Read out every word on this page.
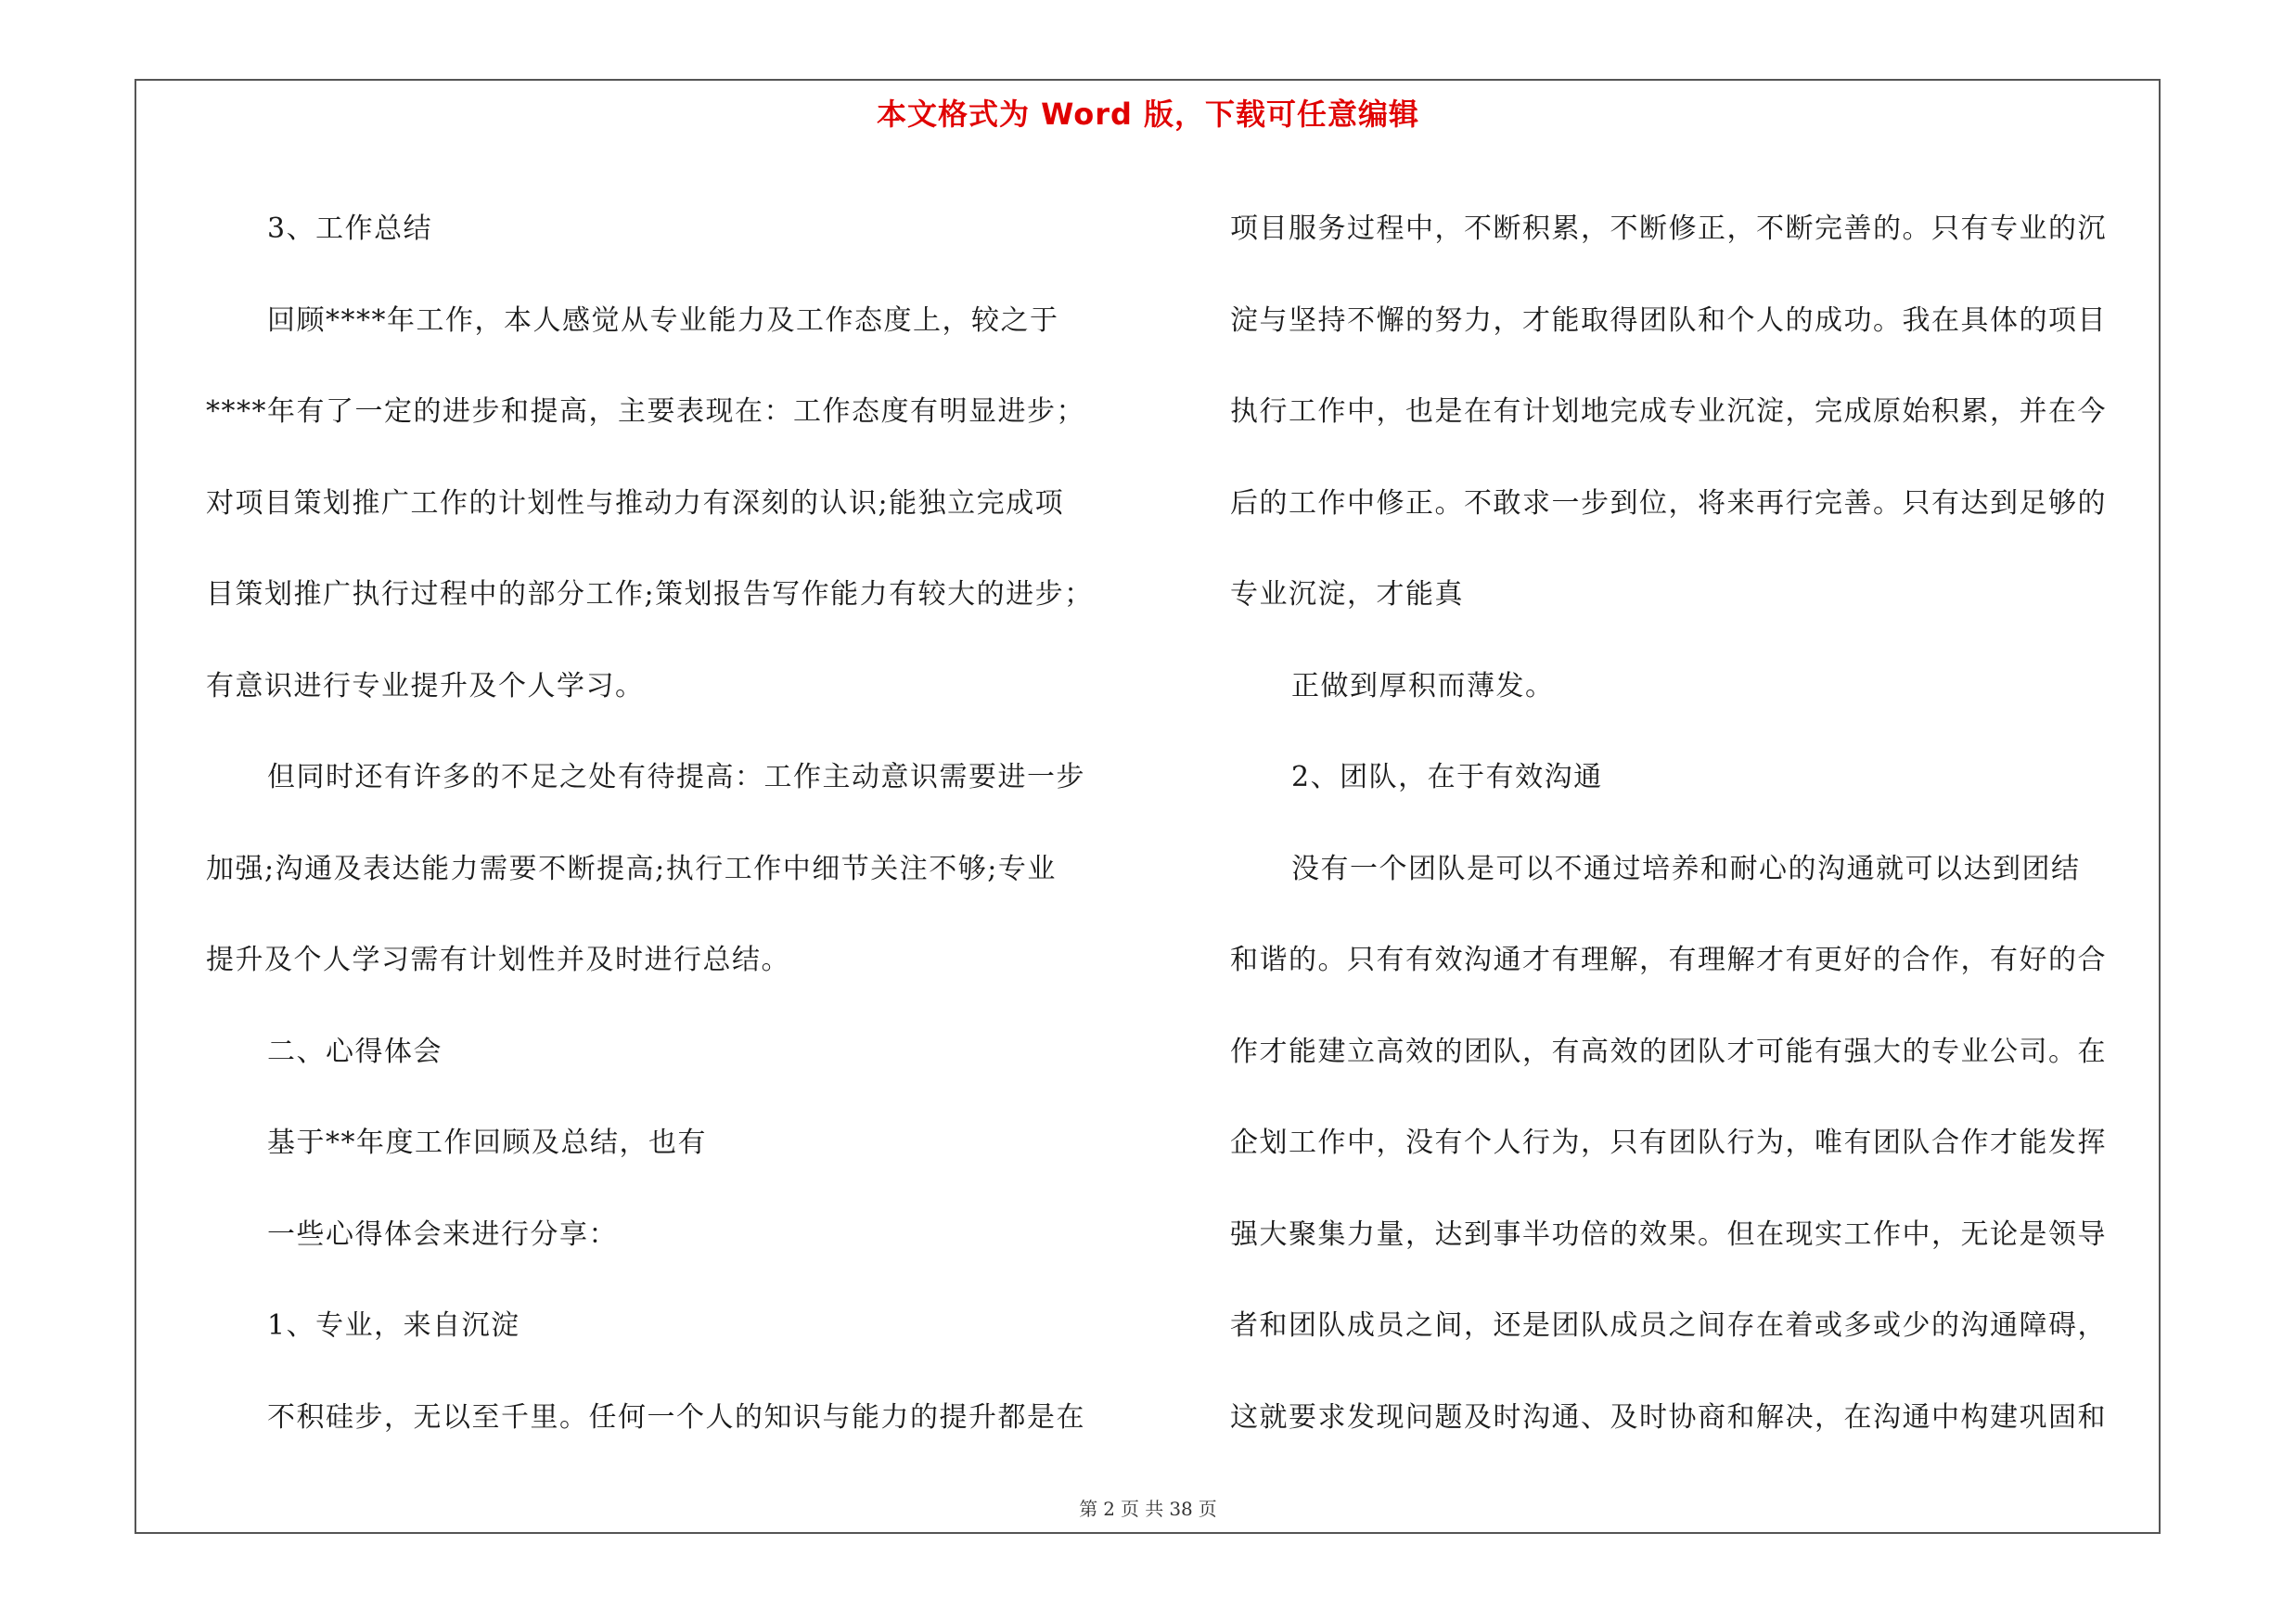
本文格式为 Word 版，下载可任意编辑
3、工作总结
回顾****年工作，本人感觉从专业能力及工作态度上，较之于
****年有了一定的进步和提高，主要表现在：工作态度有明显进步；
对项目策划推广工作的计划性与推动力有深刻的认识;能独立完成项
目策划推广执行过程中的部分工作;策划报告写作能力有较大的进步；
有意识进行专业提升及个人学习。
但同时还有许多的不足之处有待提高：工作主动意识需要进一步
加强;沟通及表达能力需要不断提高;执行工作中细节关注不够;专业
提升及个人学习需有计划性并及时进行总结。
二、心得体会
基于**年度工作回顾及总结，也有
一些心得体会来进行分享：
1、专业，来自沉淀
不积硅步，无以至千里。任何一个人的知识与能力的提升都是在
项目服务过程中，不断积累，不断修正，不断完善的。只有专业的沉
淀与坚持不懈的努力，才能取得团队和个人的成功。我在具体的项目
执行工作中，也是在有计划地完成专业沉淀，完成原始积累，并在今
后的工作中修正。不敢求一步到位，将来再行完善。只有达到足够的
专业沉淀，才能真
正做到厚积而薄发。
2、团队，在于有效沟通
没有一个团队是可以不通过培养和耐心的沟通就可以达到团结
和谐的。只有有效沟通才有理解，有理解才有更好的合作，有好的合
作才能建立高效的团队，有高效的团队才可能有强大的专业公司。在
企划工作中，没有个人行为，只有团队行为，唯有团队合作才能发挥
强大聚集力量，达到事半功倍的效果。但在现实工作中，无论是领导
者和团队成员之间，还是团队成员之间存在着或多或少的沟通障碍，
这就要求发现问题及时沟通、及时协商和解决，在沟通中构建巩固和
第 2 页 共 38 页
